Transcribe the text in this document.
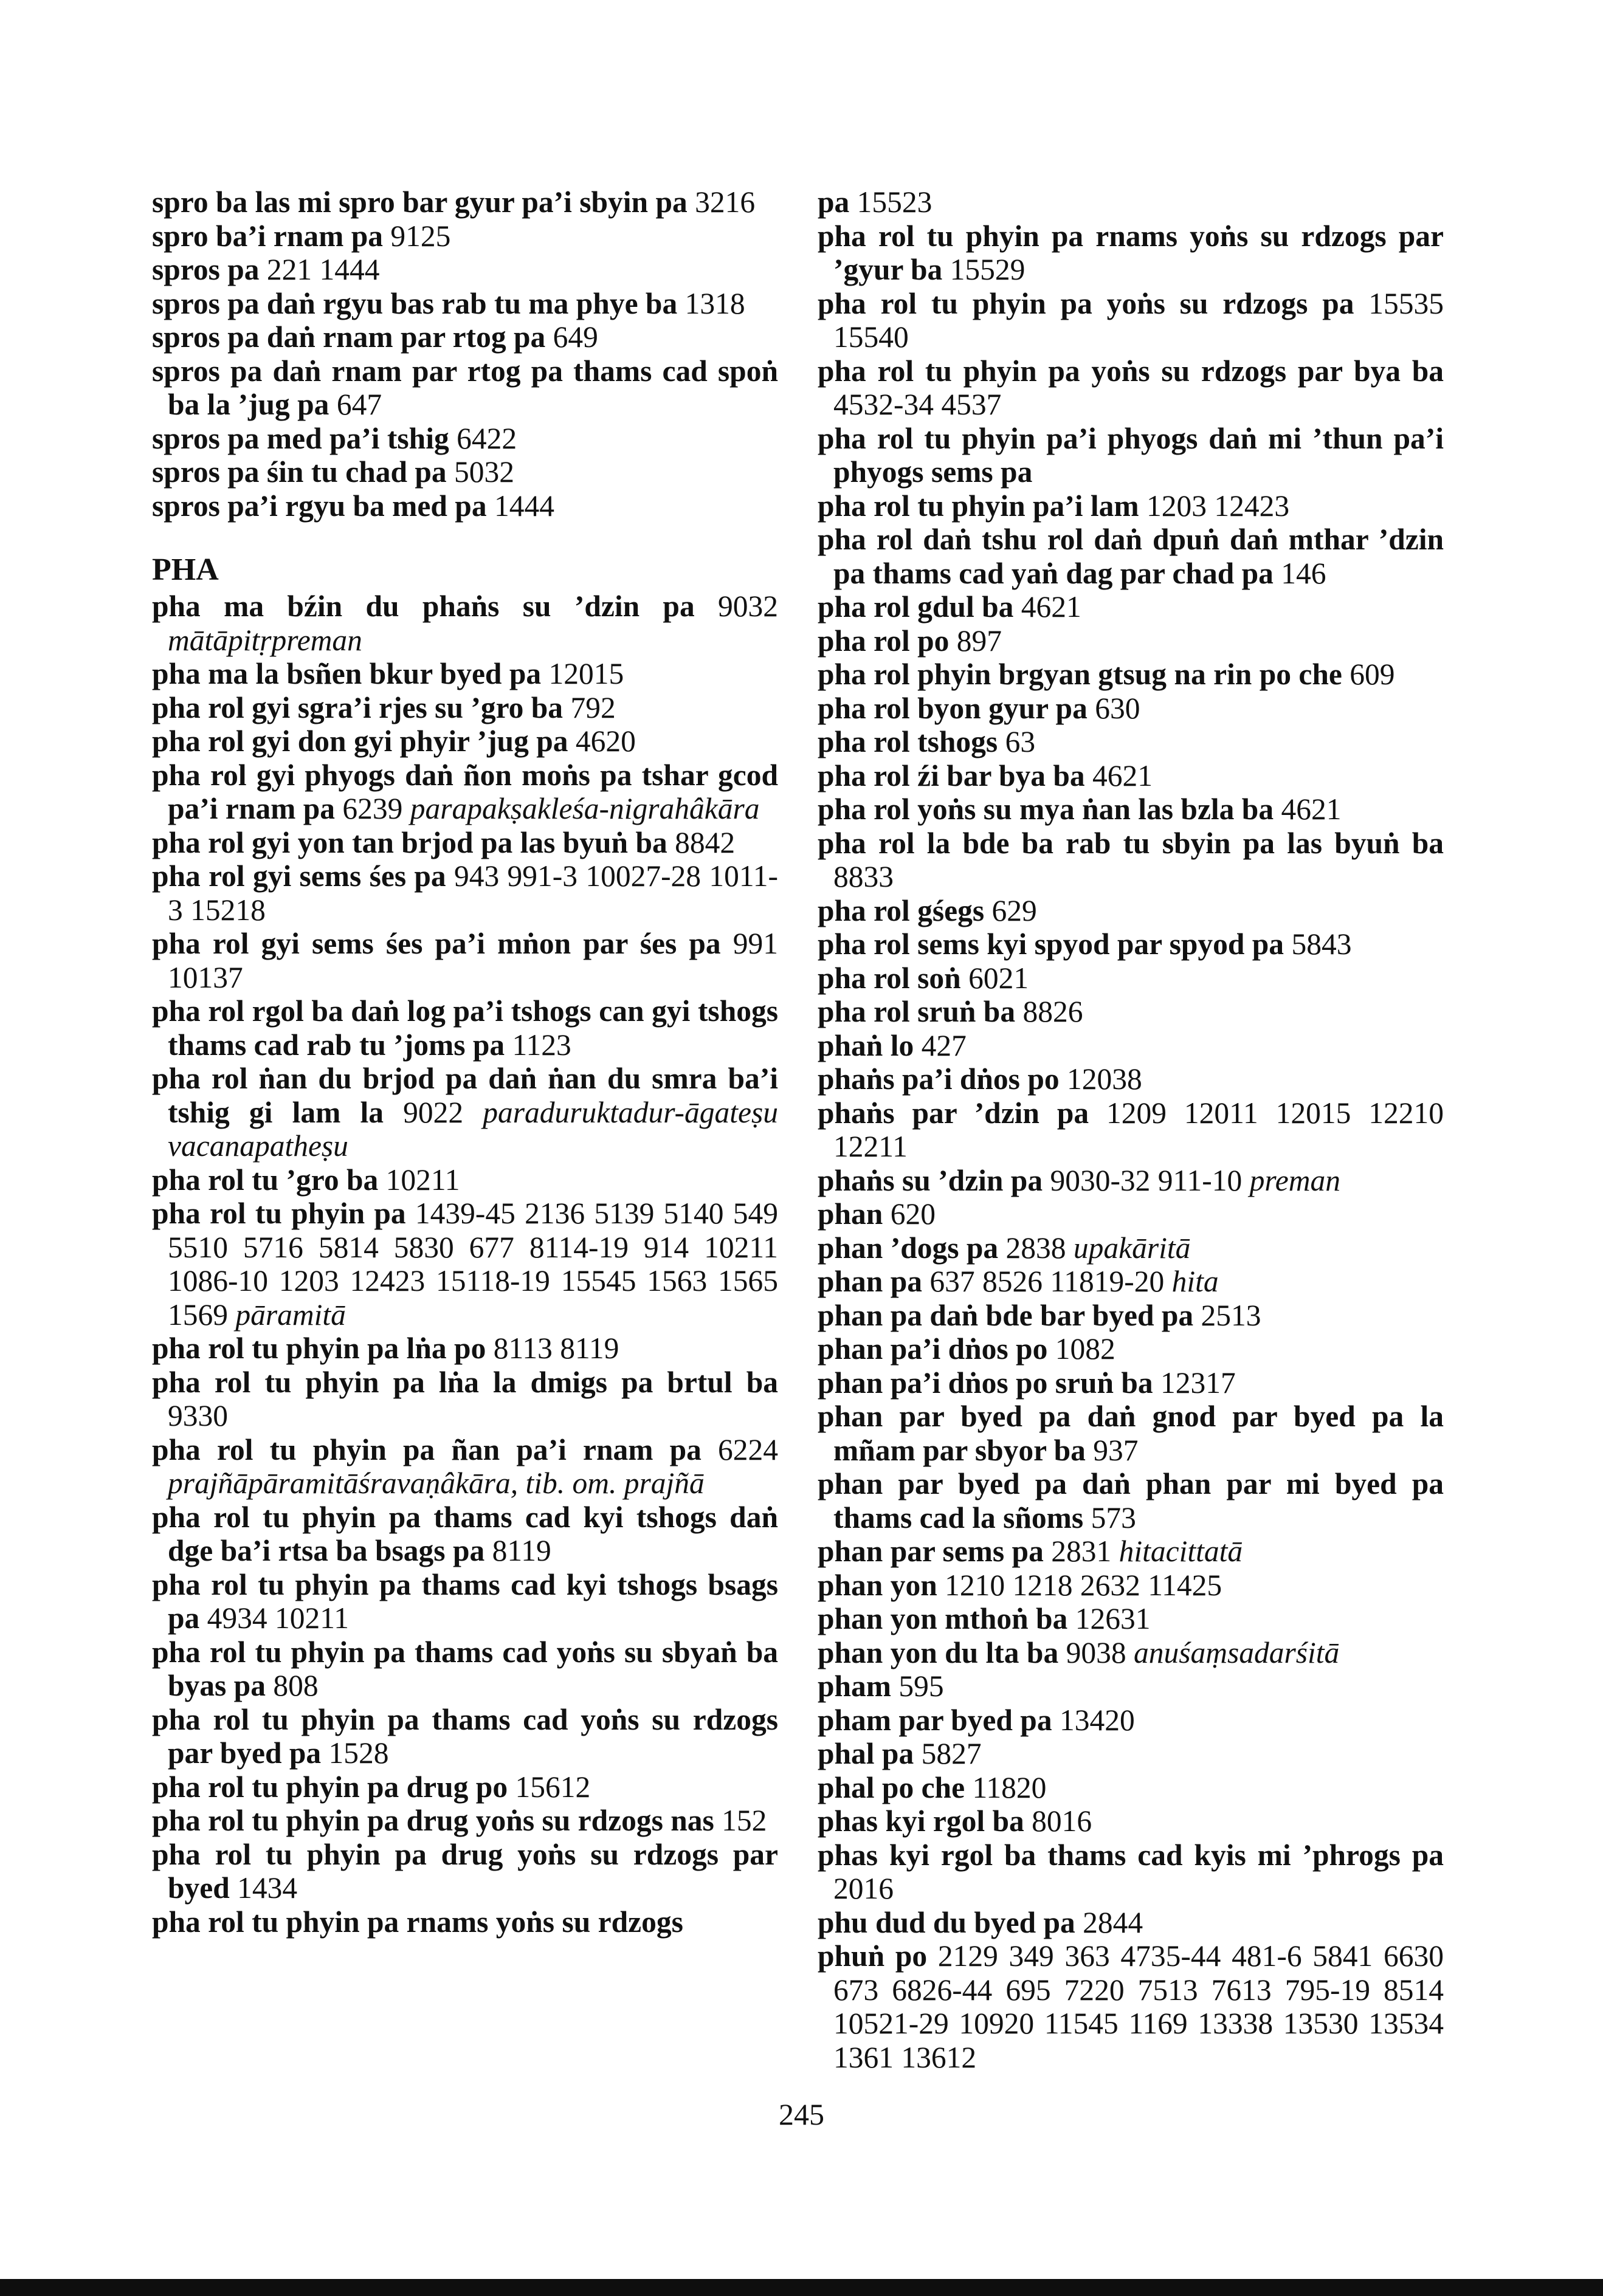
spro ba las mi spro bar gyur pa’i sbyin pa 3216
spro ba’i rnam pa 9125
spros pa 221 1444
spros pa daṅ rgyu bas rab tu ma phye ba 1318
spros pa daṅ rnam par rtog pa 649
spros pa daṅ rnam par rtog pa thams cad spoṅ ba la ’jug pa 647
spros pa med pa’i tshig 6422
spros pa śin tu chad pa 5032
spros pa’i rgyu ba med pa 1444
PHA
pha ma bźin du phaṅs su ’dzin pa 9032 mātāpitṛpreman
pha ma la bsñen bkur byed pa 12015
pha rol gyi sgra’i rjes su ’gro ba 792
pha rol gyi don gyi phyir ’jug pa 4620
pha rol gyi phyogs daṅ ñon moṅs pa tshar gcod pa’i rnam pa 6239 parapakṣakleśa-nigrahâkāra
pha rol gyi yon tan brjod pa las byuṅ ba 8842
pha rol gyi sems śes pa 943 991-3 10027-28 1011-3 15218
pha rol gyi sems śes pa’i mṅon par śes pa 991 10137
pha rol rgol ba daṅ log pa’i tshogs can gyi tshogs thams cad rab tu ’joms pa 1123
pha rol ṅan du brjod pa daṅ ṅan du smra ba’i tshig gi lam la 9022 paraduruktadur-āgateṣu vacanapatheṣu
pha rol tu ’gro ba 10211
pha rol tu phyin pa 1439-45 2136 5139 5140 549 5510 5716 5814 5830 677 8114-19 914 10211 1086-10 1203 12423 15118-19 15545 1563 1565 1569 pāramitā
pha rol tu phyin pa lṅa po 8113 8119
pha rol tu phyin pa lṅa la dmigs pa brtul ba 9330
pha rol tu phyin pa ñan pa’i rnam pa 6224 prajñāpāramitāśravaṇâkāra, tib. om. prajñā
pha rol tu phyin pa thams cad kyi tshogs daṅ dge ba’i rtsa ba bsags pa 8119
pha rol tu phyin pa thams cad kyi tshogs bsags pa 4934 10211
pha rol tu phyin pa thams cad yoṅs su sbyaṅ ba byas pa 808
pha rol tu phyin pa thams cad yoṅs su rdzogs par byed pa 1528
pha rol tu phyin pa drug po 15612
pha rol tu phyin pa drug yoṅs su rdzogs nas 152
pha rol tu phyin pa drug yoṅs su rdzogs par byed 1434
pha rol tu phyin pa rnams yoṅs su rdzogs
pa 15523
pha rol tu phyin pa rnams yoṅs su rdzogs par ’gyur ba 15529
pha rol tu phyin pa yoṅs su rdzogs pa 15535 15540
pha rol tu phyin pa yoṅs su rdzogs par bya ba 4532-34 4537
pha rol tu phyin pa’i phyogs daṅ mi ’thun pa’i phyogs sems pa
pha rol tu phyin pa’i lam 1203 12423
pha rol daṅ tshu rol daṅ dpuṅ daṅ mthar ’dzin pa thams cad yaṅ dag par chad pa 146
pha rol gdul ba 4621
pha rol po 897
pha rol phyin brgyan gtsug na rin po che 609
pha rol byon gyur pa 630
pha rol tshogs 63
pha rol źi bar bya ba 4621
pha rol yoṅs su mya ṅan las bzla ba 4621
pha rol la bde ba rab tu sbyin pa las byuṅ ba 8833
pha rol gśegs 629
pha rol sems kyi spyod par spyod pa 5843
pha rol soṅ 6021
pha rol sruṅ ba 8826
phaṅ lo 427
phaṅs pa’i dṅos po 12038
phaṅs par ’dzin pa 1209 12011 12015 12210 12211
phaṅs su ’dzin pa 9030-32 911-10 preman
phan 620
phan ’dogs pa 2838 upakāritā
phan pa 637 8526 11819-20 hita
phan pa daṅ bde bar byed pa 2513
phan pa’i dṅos po 1082
phan pa’i dṅos po sruṅ ba 12317
phan par byed pa daṅ gnod par byed pa la mñam par sbyor ba 937
phan par byed pa daṅ phan par mi byed pa thams cad la sñoms 573
phan par sems pa 2831 hitacittatā
phan yon 1210 1218 2632 11425
phan yon mthoṅ ba 12631
phan yon du lta ba 9038 anuśaṃsadarśitā
pham 595
pham par byed pa 13420
phal pa 5827
phal po che 11820
phas kyi rgol ba 8016
phas kyi rgol ba thams cad kyis mi ’phrogs pa 2016
phu dud du byed pa 2844
phuṅ po 2129 349 363 4735-44 481-6 5841 6630 673 6826-44 695 7220 7513 7613 795-19 8514 10521-29 10920 11545 1169 13338 13530 13534 1361 13612
245
